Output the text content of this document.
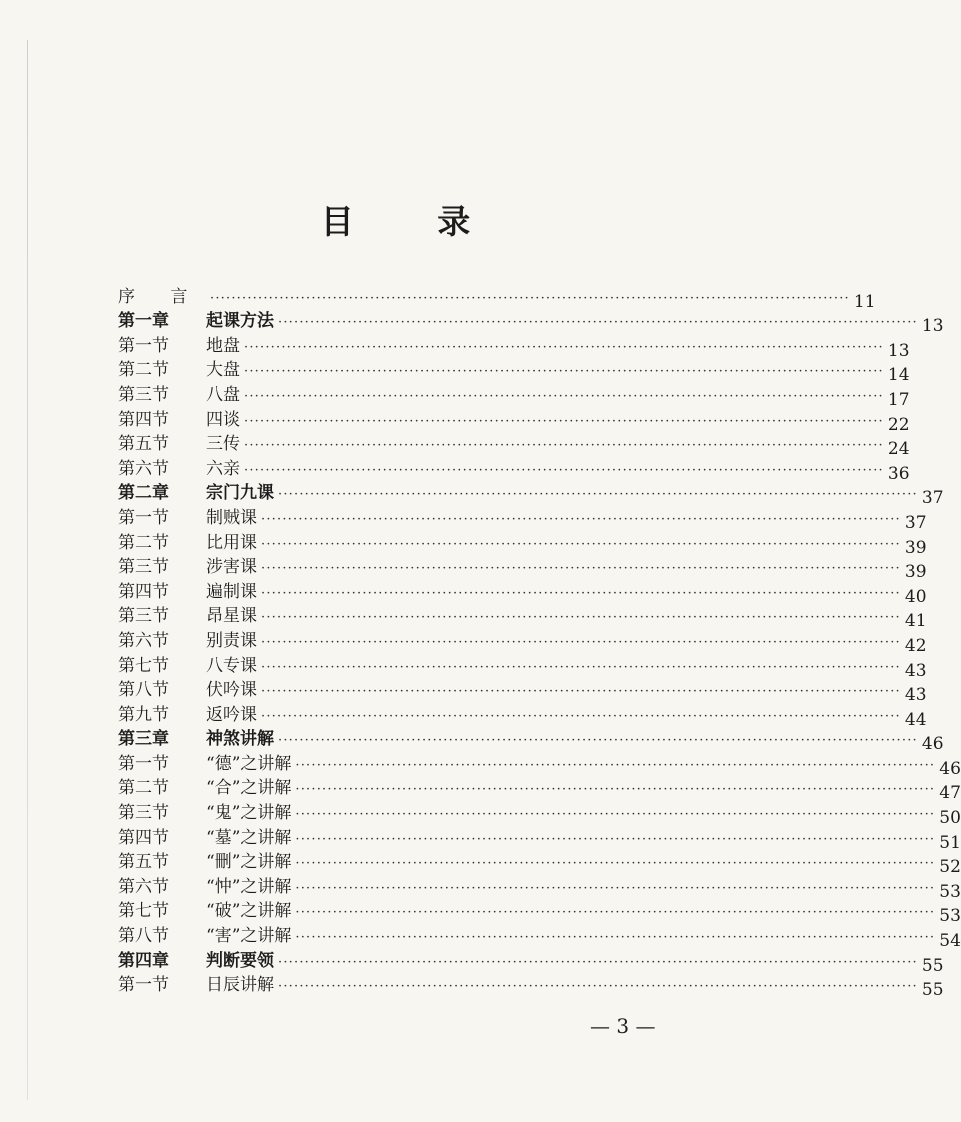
目 录
序 言 ························································································································ 11
第一章	起课方法 ························································································································ 13
第一节	地盘 ························································································································ 13
第二节	大盘 ························································································································ 14
第三节	八盘 ························································································································ 17
第四节	四谈 ························································································································ 22
第五节	三传 ························································································································ 24
第六节	六亲 ························································································································ 36
第二章	宗门九课 ························································································································ 37
第一节	制贼课 ························································································································ 37
第二节	比用课 ························································································································ 39
第三节	涉害课 ························································································································ 39
第四节	遍制课 ························································································································ 40
第三节	昂星课 ························································································································ 41
第六节	别责课 ························································································································ 42
第七节	八专课 ························································································································ 43
第八节	伏吟课 ························································································································ 43
第九节	返吟课 ························································································································ 44
第三章	神煞讲解 ························································································································ 46
第一节	“德”之讲解 ························································································································ 46
第二节	“合”之讲解 ························································································································ 47
第三节	“鬼”之讲解 ························································································································ 50
第四节	“墓”之讲解 ························································································································ 51
第五节	“刪”之讲解 ························································································································ 52
第六节	“忡”之讲解 ························································································································ 53
第七节	“破”之讲解 ························································································································ 53
第八节	“害”之讲解 ························································································································ 54
第四章	判断要领 ························································································································ 55
第一节	日辰讲解 ························································································································ 55
— 3 —
